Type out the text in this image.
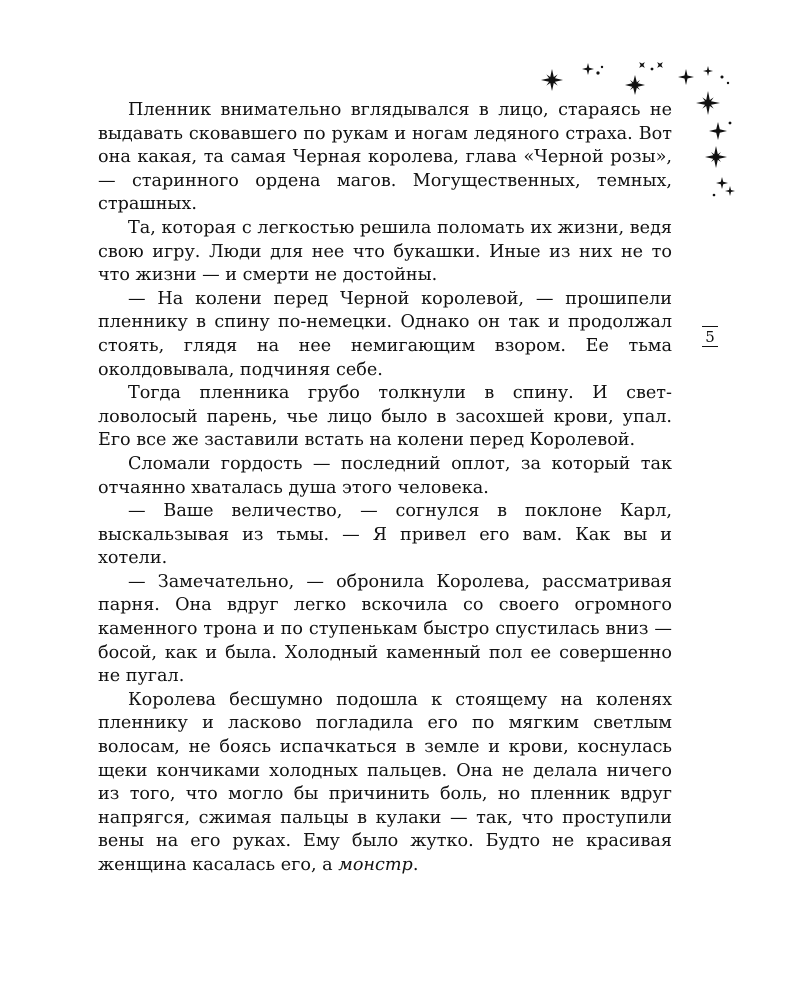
Пленник внимательно вглядывался в лицо, стараясь не выдавать сковавшего по рукам и ногам ледяного страха. Вот она какая, та самая Черная королева, глава «Черной розы», — старинного ордена магов. Могущественных, темных, страшных.

Та, которая с легкостью решила поломать их жизни, ведя свою игру. Люди для нее что букашки. Иные из них не то что жизни — и смерти не достойны.

— На колени перед Черной королевой, — прошипели пленнику в спину по-немецки. Однако он так и продолжал стоять, глядя на нее немигающим взором. Ее тьма околдовывала, подчиняя себе.

Тогда пленника грубо толкнули в спину. И светловолосый парень, чье лицо было в засохшей крови, упал. Его все же заставили встать на колени перед Королевой.

Сломали гордость — последний оплот, за который так отчаянно хваталась душа этого человека.

— Ваше величество, — согнулся в поклоне Карл, выскальзывая из тьмы. — Я привел его вам. Как вы и хотели.

— Замечательно, — обронила Королева, рассматривая парня. Она вдруг легко вскочила со своего огромного каменного трона и по ступенькам быстро спустилась вниз — босой, как и была. Холодный каменный пол ее совершенно не пугал.

Королева бесшумно подошла к стоящему на коленях пленнику и ласково погладила его по мягким светлым волосам, не боясь испачкаться в земле и крови, коснулась щеки кончиками холодных пальцев. Она не делала ничего из того, что могло бы причинить боль, но пленник вдруг напрягся, сжимая пальцы в кулаки — так, что проступили вены на его руках. Ему было жутко. Будто не красивая женщина касалась его, а монстр.

5
